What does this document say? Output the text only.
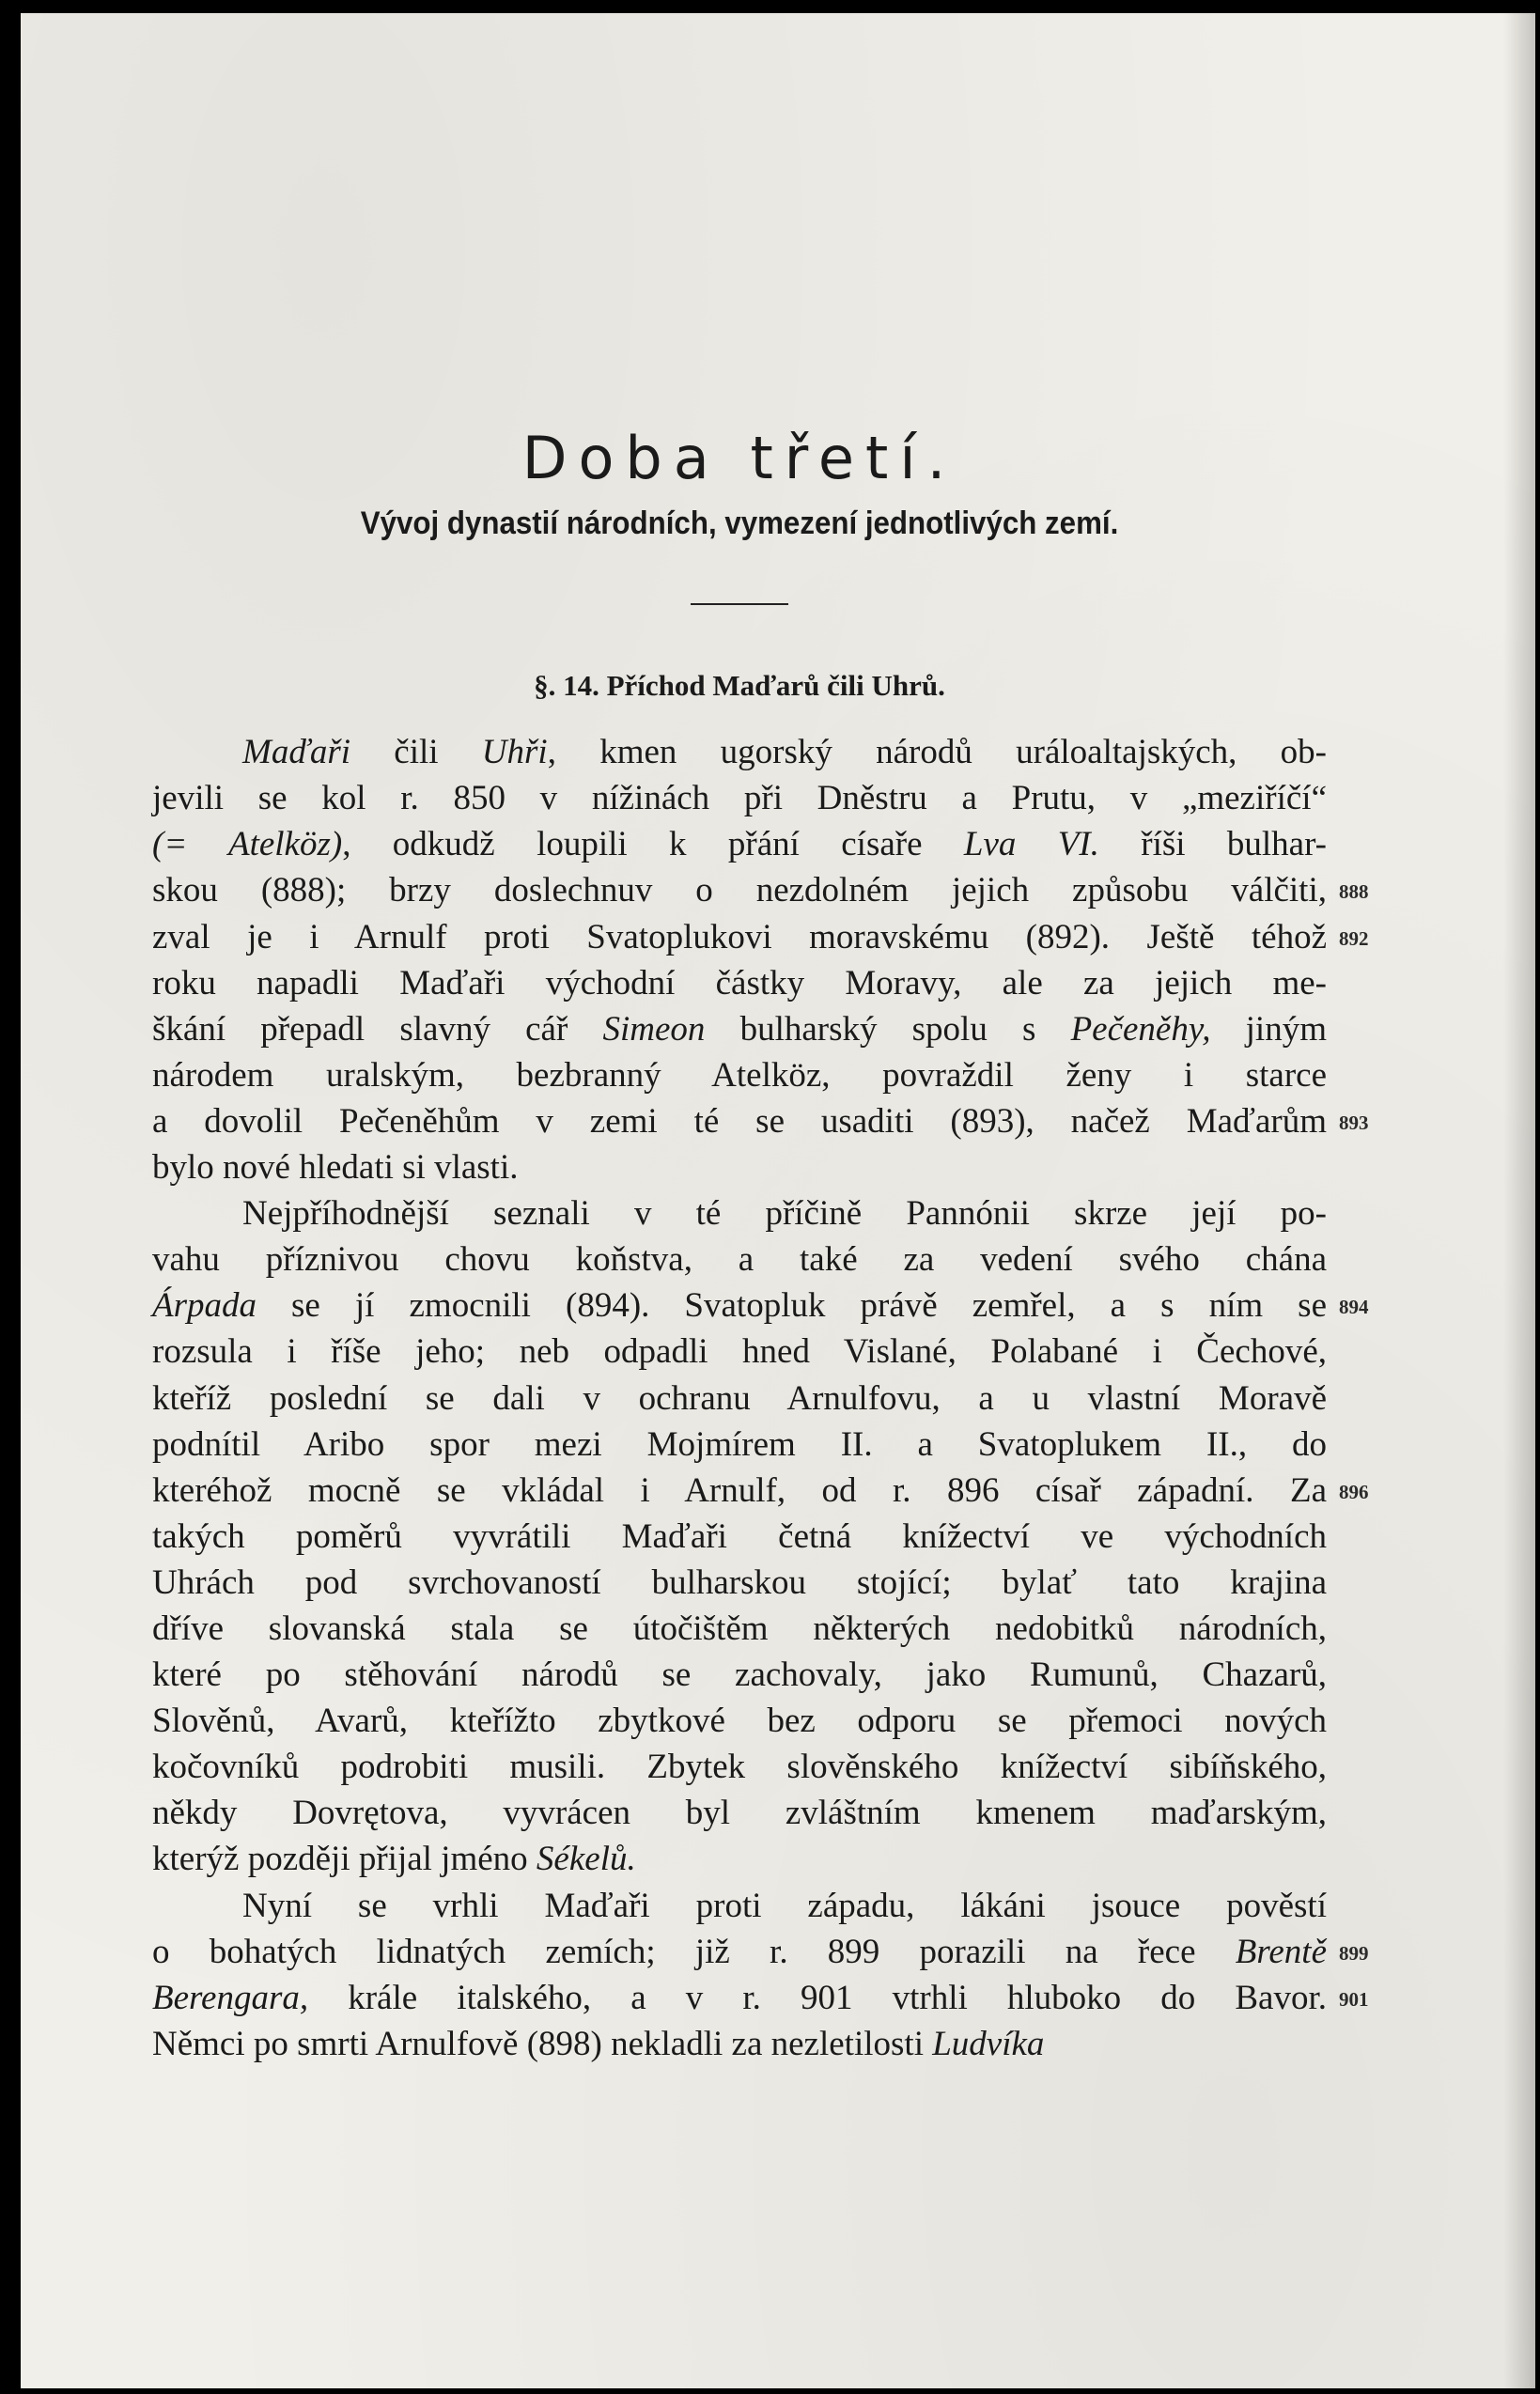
Doba třetí.
Vývoj dynastií národních, vymezení jednotlivých zemí.
§. 14. Příchod Maďarů čili Uhrů.
Maďaři čili Uhři, kmen ugorský národů uráloaltajských, ob-
jevili se kol r. 850 v nížinách při Dněstru a Prutu, v „meziříčí“
(= Atelköz), odkudž loupili k přání císaře Lva VI. říši bulhar-
skou (888); brzy doslechnuv o nezdolném jejich způsobu válčiti,
zval je i Arnulf proti Svatoplukovi moravskému (892). Ještě téhož
roku napadli Maďaři východní částky Moravy, ale za jejich me-
škání přepadl slavný cář Simeon bulharský spolu s Pečeněhy, jiným
národem uralským, bezbranný Atelköz, povraždil ženy i starce
a dovolil Pečeněhům v zemi té se usaditi (893), načež Maďarům
bylo nové hledati si vlasti.
Nejpříhodnější seznali v té příčině Pannónii skrze její po-
vahu příznivou chovu koňstva, a také za vedení svého chána
Árpada se jí zmocnili (894). Svatopluk právě zemřel, a s ním se
rozsula i říše jeho; neb odpadli hned Vislané, Polabané i Čechové,
kteříž poslední se dali v ochranu Arnulfovu, a u vlastní Moravě
podnítil Aribo spor mezi Mojmírem II. a Svatoplukem II., do
kteréhož mocně se vkládal i Arnulf, od r. 896 císař západní. Za
takých poměrů vyvrátili Maďaři četná knížectví ve východních
Uhrách pod svrchovaností bulharskou stojící; bylať tato krajina
dříve slovanská stala se útočištěm některých nedobitků národních,
které po stěhování národů se zachovaly, jako Rumunů, Chazarů,
Slověnů, Avarů, kteřížto zbytkové bez odporu se přemoci nových
kočovníků podrobiti musili. Zbytek slověnského knížectví sibíňského,
někdy Dovrętova, vyvrácen byl zvláštním kmenem maďarským,
kterýž později přijal jméno Sékelů.
Nyní se vrhli Maďaři proti západu, lákáni jsouce pověstí
o bohatých lidnatých zemích; již r. 899 porazili na řece Brentě
Berengara, krále italského, a v r. 901 vtrhli hluboko do Bavor.
Němci po smrti Arnulfově (898) nekladli za nezletilosti Ludvíka
888
892
893
894
896
899
901
